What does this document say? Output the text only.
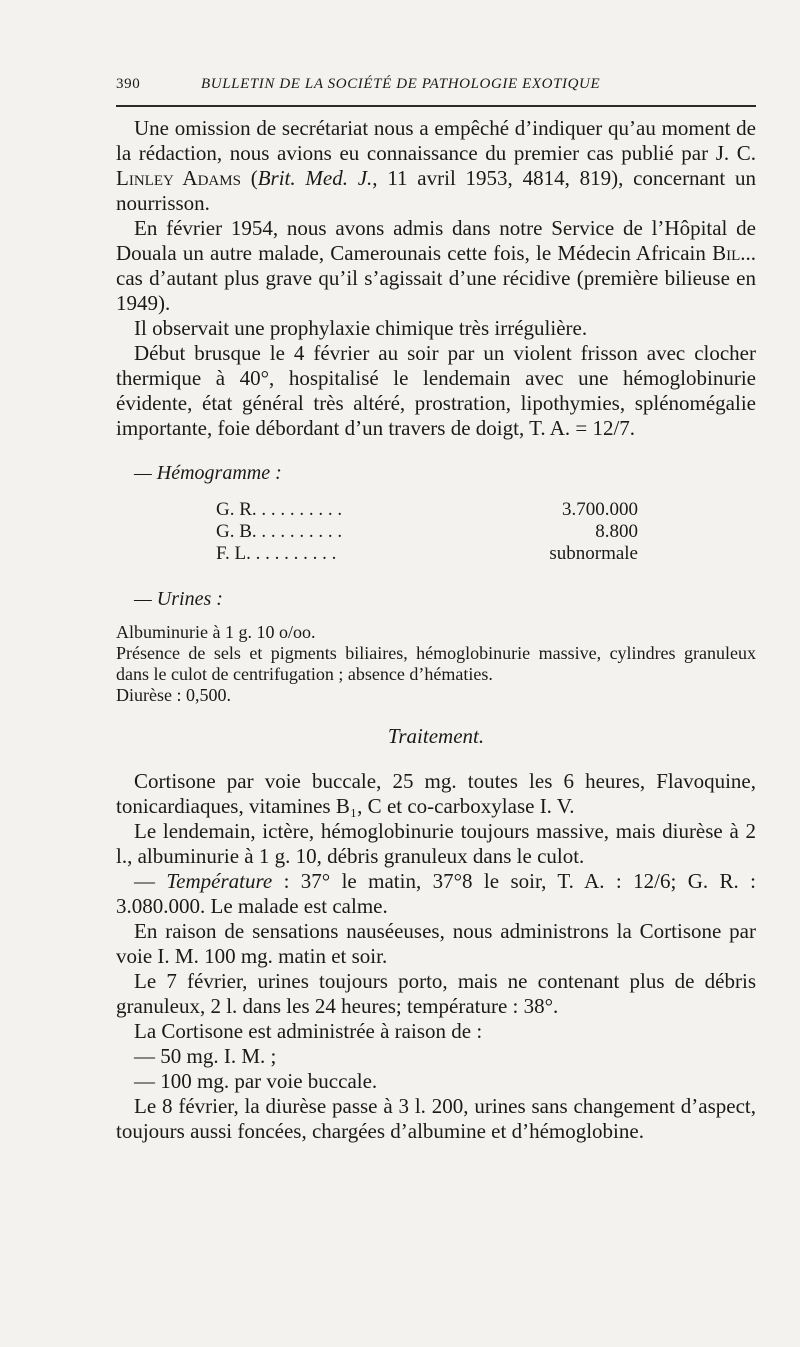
390	BULLETIN DE LA SOCIÉTÉ DE PATHOLOGIE EXOTIQUE

Une omission de secrétariat nous a empêché d’indiquer qu’au moment de la rédaction, nous avions eu connaissance du premier cas publié par J. C. Linley Adams (Brit. Med. J., 11 avril 1953, 4814, 819), concernant un nourrisson.

En février 1954, nous avons admis dans notre Service de l’Hôpital de Douala un autre malade, Camerounais cette fois, le Médecin Africain Bil... cas d’autant plus grave qu’il s’agissait d’une récidive (première bilieuse en 1949).

Il observait une prophylaxie chimique très irrégulière.

Début brusque le 4 février au soir par un violent frisson avec clocher thermique à 40°, hospitalisé le lendemain avec une hémoglobinurie évidente, état général très altéré, prostration, lipothymies, splénomégalie importante, foie débordant d’un travers de doigt, T. A. = 12/7.

— Hémogramme :
G. R. . . . . . . . . .	3.700.000
G. B. . . . . . . . . .	8.800
F. L. . . . . . . . . .	subnormale
— Urines :

Albuminurie à 1 g. 10 o/oo.

Présence de sels et pigments biliaires, hémoglobinurie massive, cylindres granuleux dans le culot de centrifugation ; absence d’hématies.

Diurèse : 0,500.

Traitement.

Cortisone par voie buccale, 25 mg. toutes les 6 heures, Flavoquine, tonicardiaques, vitamines B₁, C et co-carboxylase I. V.

Le lendemain, ictère, hémoglobinurie toujours massive, mais diurèse à 2 l., albuminurie à 1 g. 10, débris granuleux dans le culot.

— Température : 37° le matin, 37°8 le soir, T. A. : 12/6; G. R. : 3.080.000. Le malade est calme.

En raison de sensations nauséeuses, nous administrons la Cortisone par voie I. M. 100 mg. matin et soir.

Le 7 février, urines toujours porto, mais ne contenant plus de débris granuleux, 2 l. dans les 24 heures; température : 38°.

La Cortisone est administrée à raison de :

— 50 mg. I. M. ;

— 100 mg. par voie buccale.

Le 8 février, la diurèse passe à 3 l. 200, urines sans changement d’aspect, toujours aussi foncées, chargées d’albumine et d’hémoglobine.
